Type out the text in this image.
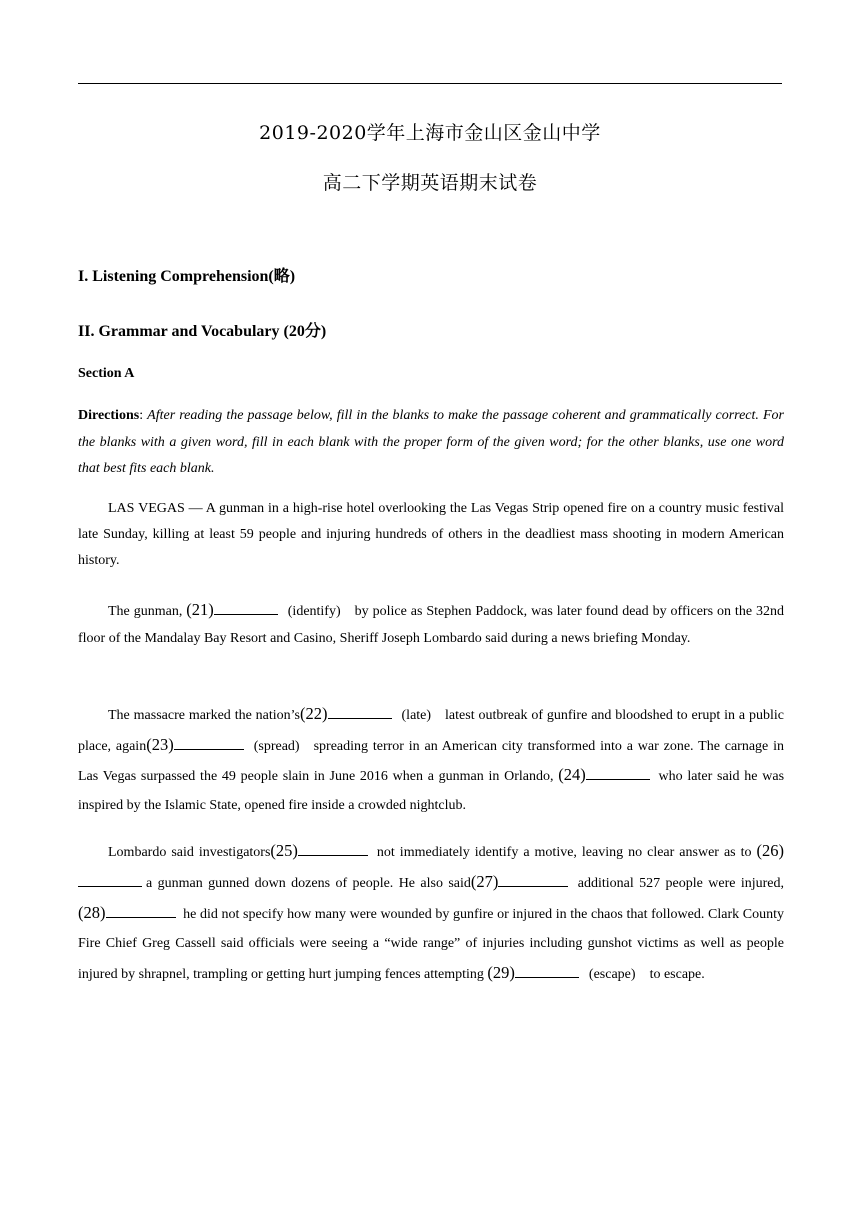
2019-2020学年上海市金山区金山中学
高二下学期英语期末试卷
I. Listening Comprehension(略)
II. Grammar and Vocabulary (20分)
Section A
Directions: After reading the passage below, fill in the blanks to make the passage coherent and grammatically correct. For the blanks with a given word, fill in each blank with the proper form of the given word; for the other blanks, use one word that best fits each blank.
LAS VEGAS — A gunman in a high-rise hotel overlooking the Las Vegas Strip opened fire on a country music festival late Sunday, killing at least 59 people and injuring hundreds of others in the deadliest mass shooting in modern American history.
The gunman, (21)	(identify) by police as Stephen Paddock, was later found dead by officers on the 32nd floor of the Mandalay Bay Resort and Casino, Sheriff Joseph Lombardo said during a news briefing Monday.
The massacre marked the nation’s(22)	(late) latest outbreak of gunfire and bloodshed to erupt in a public place, again(23)	(spread) spreading terror in an American city transformed into a war zone. The carnage in Las Vegas surpassed the 49 people slain in June 2016 when a gunman in Orlando, (24)	who later said he was inspired by the Islamic State, opened fire inside a crowded nightclub.
Lombardo said investigators(25)	not immediately identify a motive, leaving no clear answer as to (26)a gunman gunned down dozens of people. He also said(27)	additional 527 people were injured, (28)	he did not specify how many were wounded by gunfire or injured in the chaos that followed. Clark County Fire Chief Greg Cassell said officials were seeing a “wide range” of injuries including gunshot victims as well as people injured by shrapnel, trampling or getting hurt jumping fences attempting (29)	(escape) to escape.
